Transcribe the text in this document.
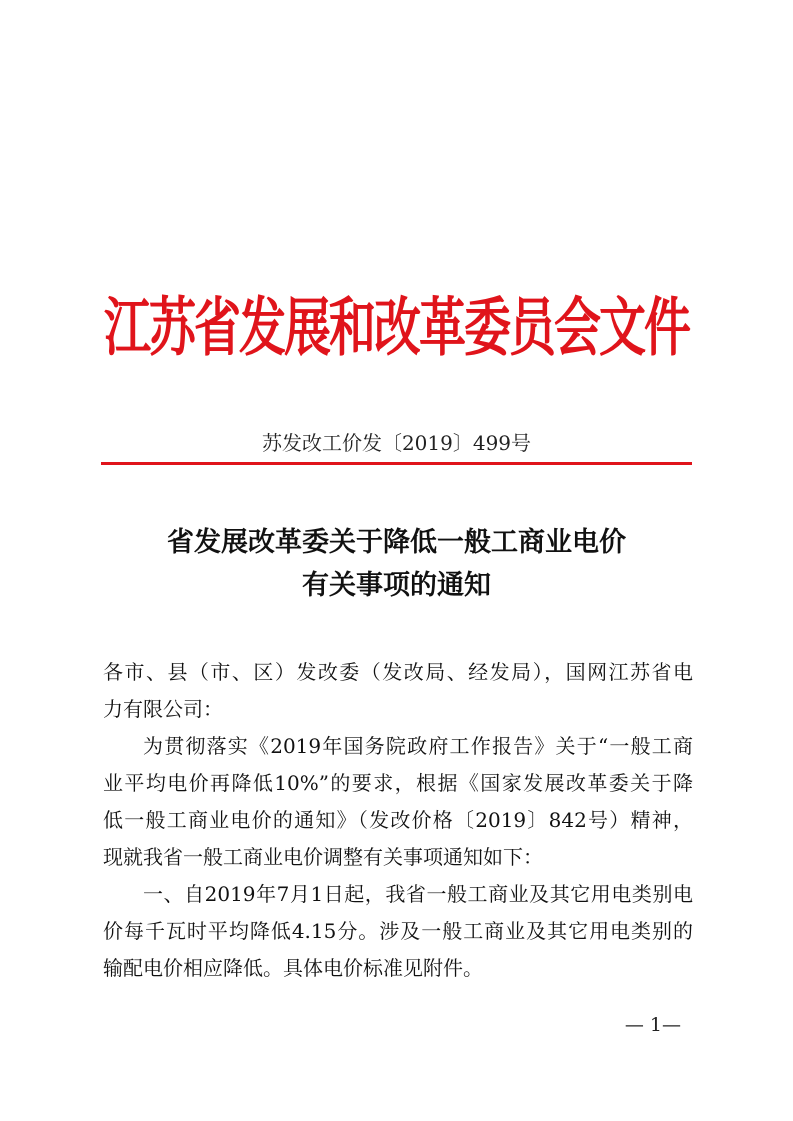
江苏省发展和改革委员会文件
苏发改工价发〔2019〕499号
省发展改革委关于降低一般工商业电价
有关事项的通知
各市、县（市、区）发改委（发改局、经发局），国网江苏省电
力有限公司：
为贯彻落实《2019年国务院政府工作报告》关于“一般工商
业平均电价再降低10%”的要求，根据《国家发展改革委关于降
低一般工商业电价的通知》（发改价格〔2019〕842号）精神，
现就我省一般工商业电价调整有关事项通知如下：
一、自2019年7月1日起，我省一般工商业及其它用电类别电
价每千瓦时平均降低4.15分。涉及一般工商业及其它用电类别的
输配电价相应降低。具体电价标准见附件。
— 1—
